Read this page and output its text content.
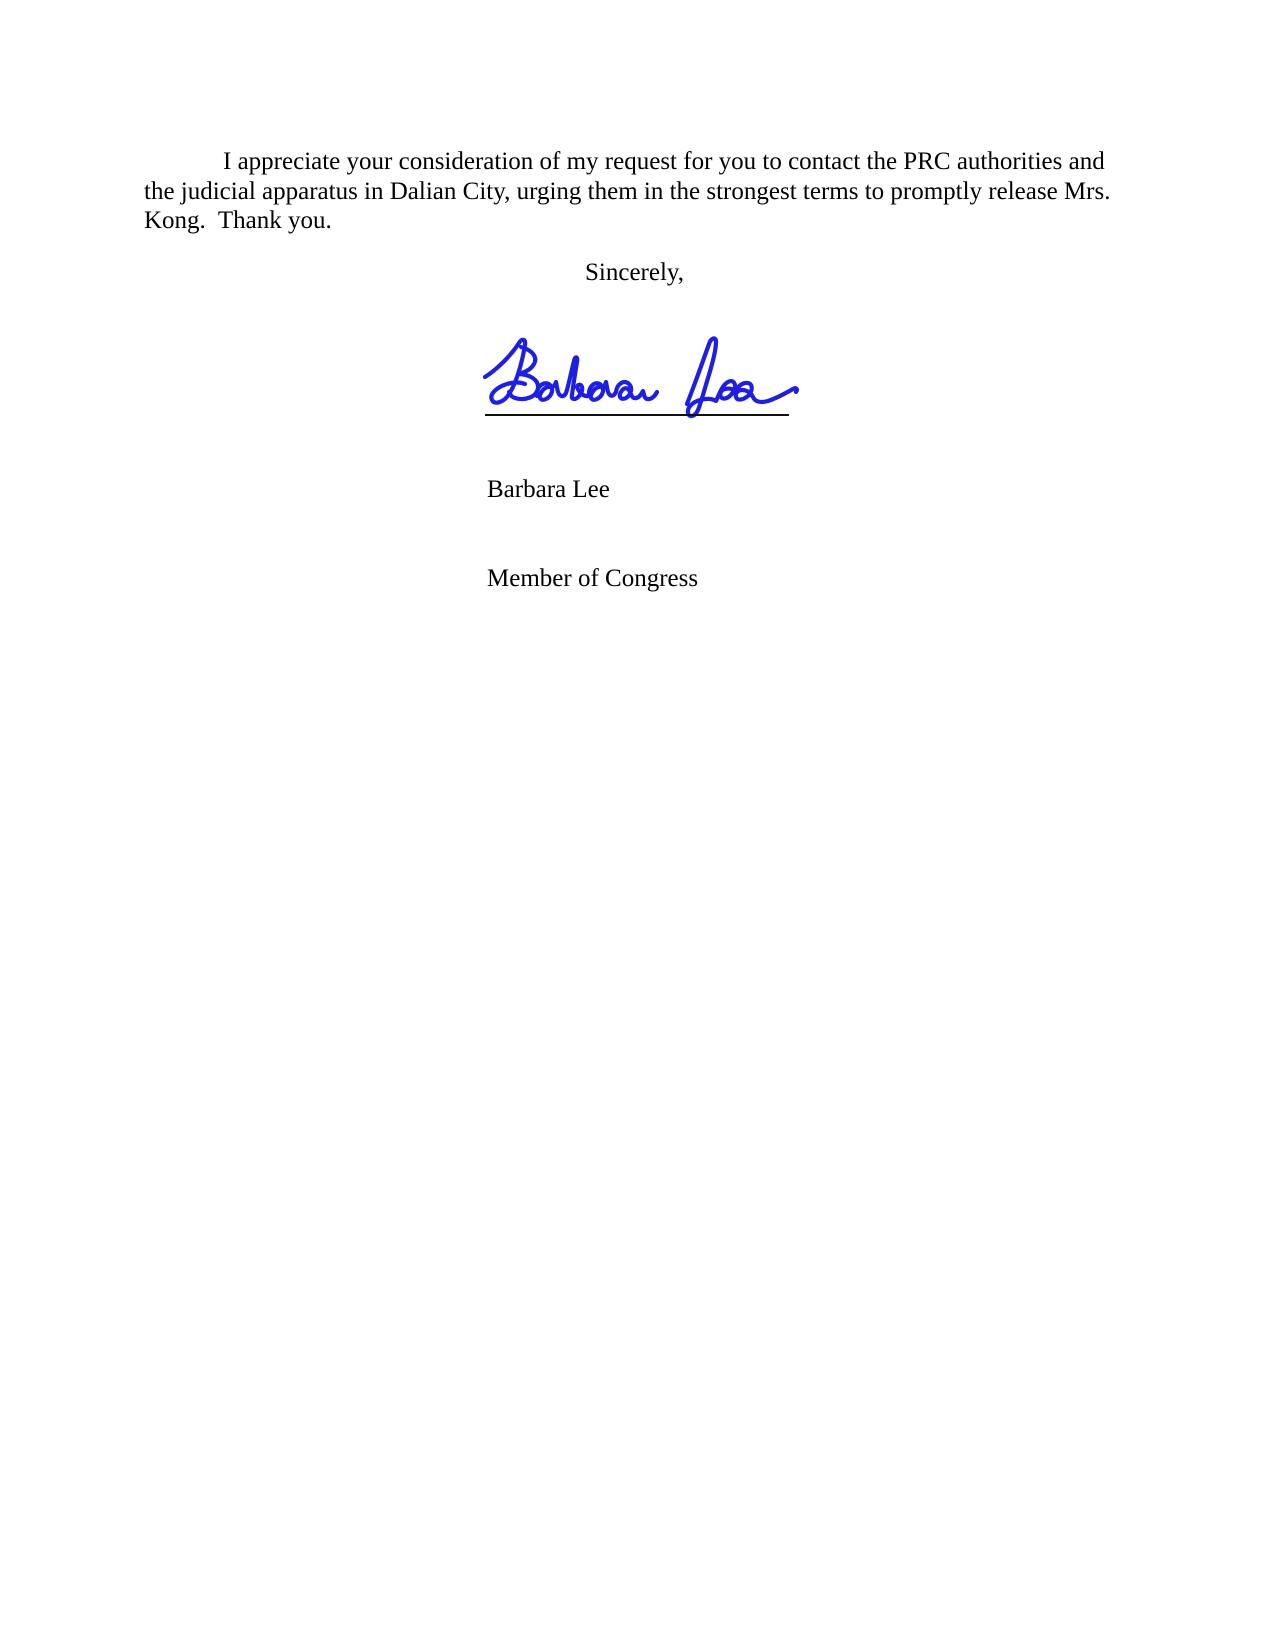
I appreciate your consideration of my request for you to contact the PRC authorities and
the judicial apparatus in Dalian City, urging them in the strongest terms to promptly release Mrs.
Kong.  Thank you.
Sincerely,

Barbara Lee

Member of Congress
